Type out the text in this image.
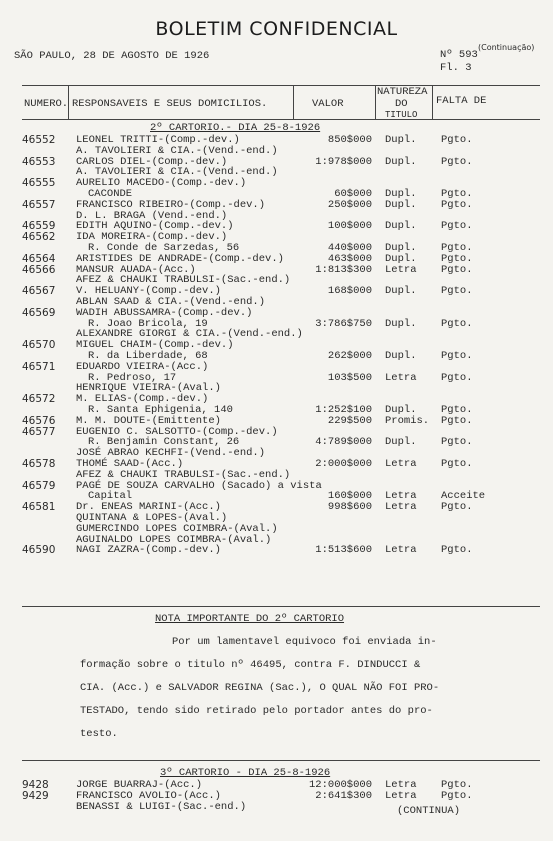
BOLETIM CONFIDENCIAL
SÃO PAULO, 28 DE AGOSTO DE 1926	Nº 593
(Continuação)
Fl. 3
NUMERO. RESPONSAVEIS E SEUS DOMICILIOS.	VALOR
NATUREZA
DO
TITULO
FALTA DE
2º CARTORIO.- DIA 25-8-1926
46552 LEONEL TRITTI-(Comp.-dev.)
A. TAVOLIERI & CIA.-(Vend.-end.)
850$000 Dupl. Pgto.
46553 CARLOS DIEL-(Comp.-dev.)
A. TAVOLIERI & CIA.-(Vend.-end.)
1:978$000 Dupl. Pgto.
46555 AURELIO MACEDO-(Comp.-dev.)
CACONDE	60$000 Dupl. Pgto.
46557 FRANCISCO RIBEIRO-(Comp.-dev.)
D. L. BRAGA (Vend.-end.)
250$000 Dupl. Pgto.
46559 EDITH AQUINO-(Comp.-dev.)	100$000 Dupl. Pgto.
46562 IDA MOREIRA-(Comp.-dev.)
R. Conde de Sarzedas, 56	440$000 Dupl. Pgto.
46564 ARISTIDES DE ANDRADE-(Comp.-dev.)	463$000 Dupl. Pgto.
46566 MANSUR AUADA-(Acc.)
AFEZ & CHAUKI TRABULSI-(Sac.-end.)
1:813$300 Letra Pgto.
46567 V. HELUANY-(Comp.-dev.)
ABLAN SAAD & CIA.-(Vend.-end.)
168$000 Dupl. Pgto.
46569 WADIH ABUSSAMRA-(Comp.-dev.)
R. Joao Bricola, 19
ALEXANDRE GIORGI & CIA.-(Vend.-end.)
3:786$750 Dupl. Pgto.
46570 MIGUEL CHAIM-(Comp.-dev.)
R. da Liberdade, 68	262$000 Dupl. Pgto.
46571 EDUARDO VIEIRA-(Acc.)
R. Pedroso, 17
HENRIQUE VIEIRA-(Aval.)
103$500 Letra Pgto.
46572 M. ELIAS-(Comp.-dev.)
R. Santa Ephigenia, 140	1:252$100 Dupl. Pgto.
46576 M. M. DOUTE-(Emittente)	229$500 Promis. Pgto.
46577 EUGENIO C. SALSOTTO-(Comp.-dev.)
R. Benjamin Constant, 26
JOSÉ ABRAO KECHFI-(Vend.-end.)
4:789$000 Dupl. Pgto.
46578 THOMÉ SAAD-(Acc.)
AFEZ & CHAUKI TRABULSI-(Sac.-end.)
2:000$000 Letra Pgto.
46579 PAGÉ DE SOUZA CARVALHO (Sacado) a vista
Capital	160$000 Letra Acceite
46581 Dr. ENEAS MARINI-(Acc.)
QUINTANA & LOPES-(Aval.)
GUMERCINDO LOPES COIMBRA-(Aval.)
AGUINALDO LOPES COIMBRA-(Aval.)
998$600 Letra Pgto.
46590 NAGI ZAZRA-(Comp.-dev.)	1:513$600 Letra Pgto.
NOTA IMPORTANTE DO 2º CARTORIO
Por um lamentavel equivoco foi enviada in-
formação sobre o titulo nº 46495, contra F. DINDUCCI &
CIA. (Acc.) e SALVADOR REGINA (Sac.), O QUAL NÃO FOI PRO-
TESTADO, tendo sido retirado pelo portador antes do pro-
testo.
3º CARTORIO - DIA 25-8-1926
9428	JORGE BUARRAJ-(Acc.)	12:000$000 Letra Pgto.
9429	FRANCISCO AVOLIO-(Acc.)
BENASSI & LUIGI-(Sac.-end.)
2:641$300 Letra Pgto.
(CONTINUA)
